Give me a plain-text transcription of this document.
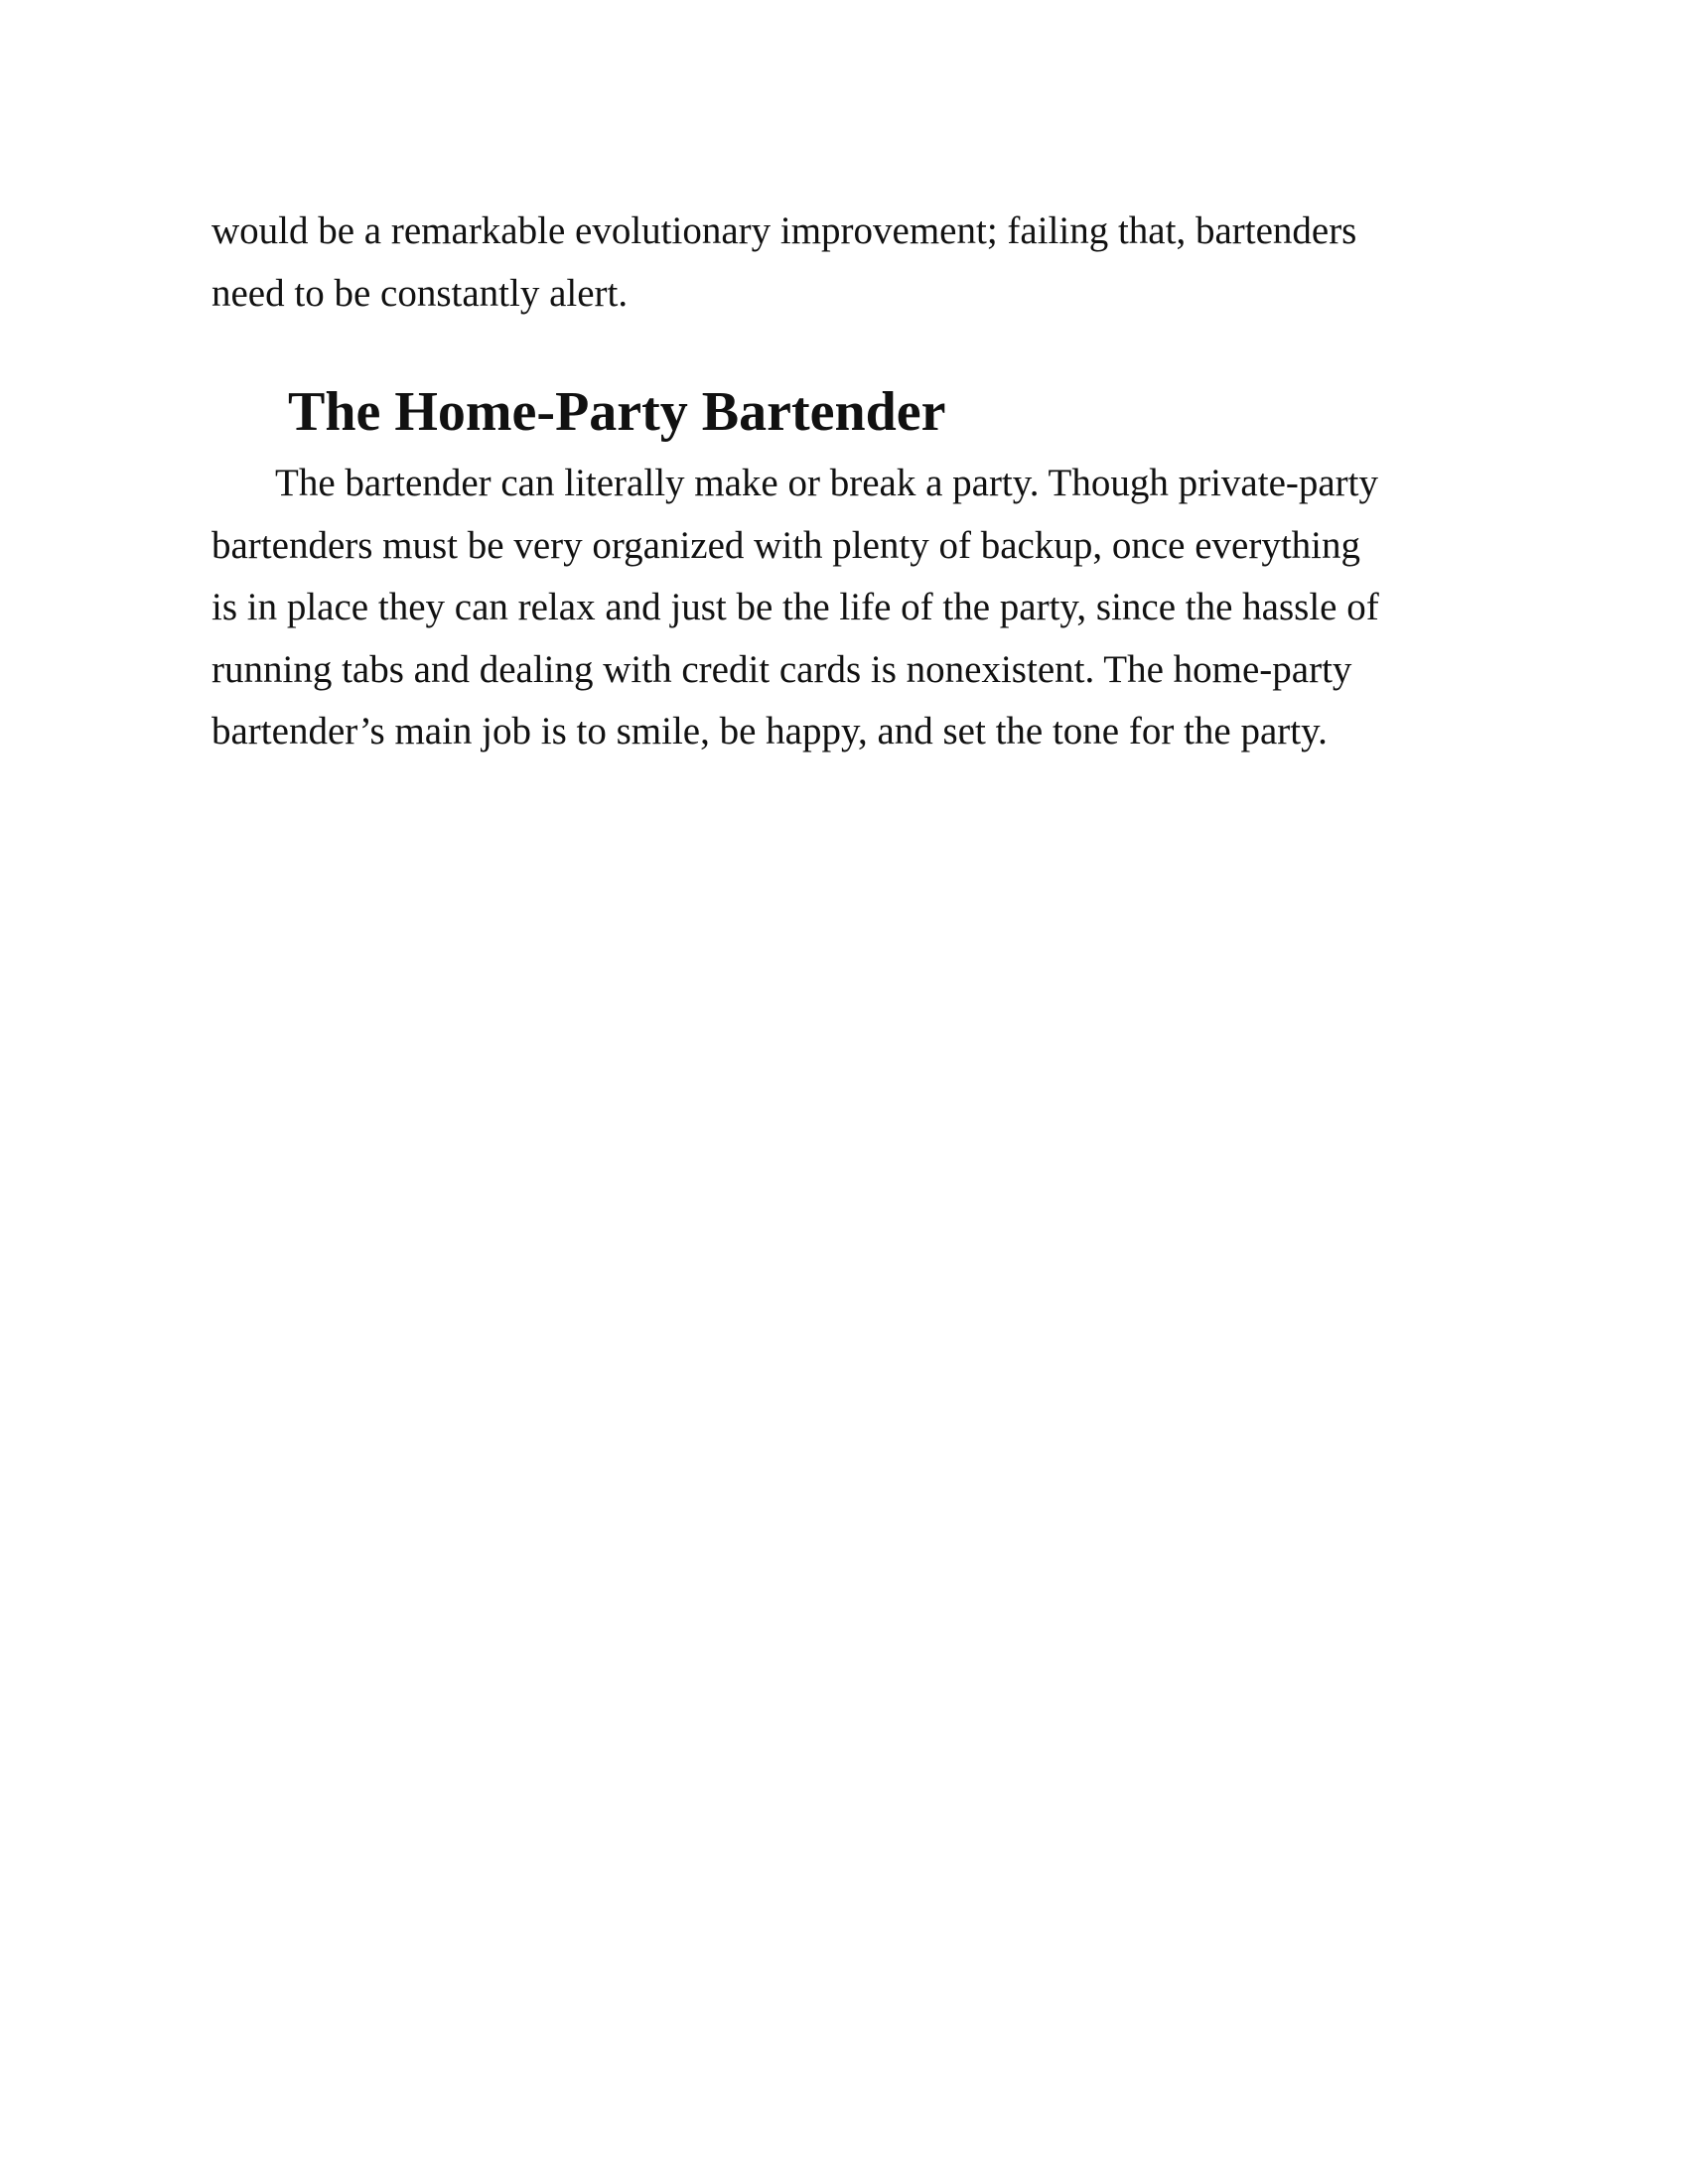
would be a remarkable evolutionary improvement; failing that, bartenders
need to be constantly alert.
The Home-Party Bartender
The bartender can literally make or break a party. Though private-party
bartenders must be very organized with plenty of backup, once everything
is in place they can relax and just be the life of the party, since the hassle of
running tabs and dealing with credit cards is nonexistent. The home-party
bartender’s main job is to smile, be happy, and set the tone for the party.
